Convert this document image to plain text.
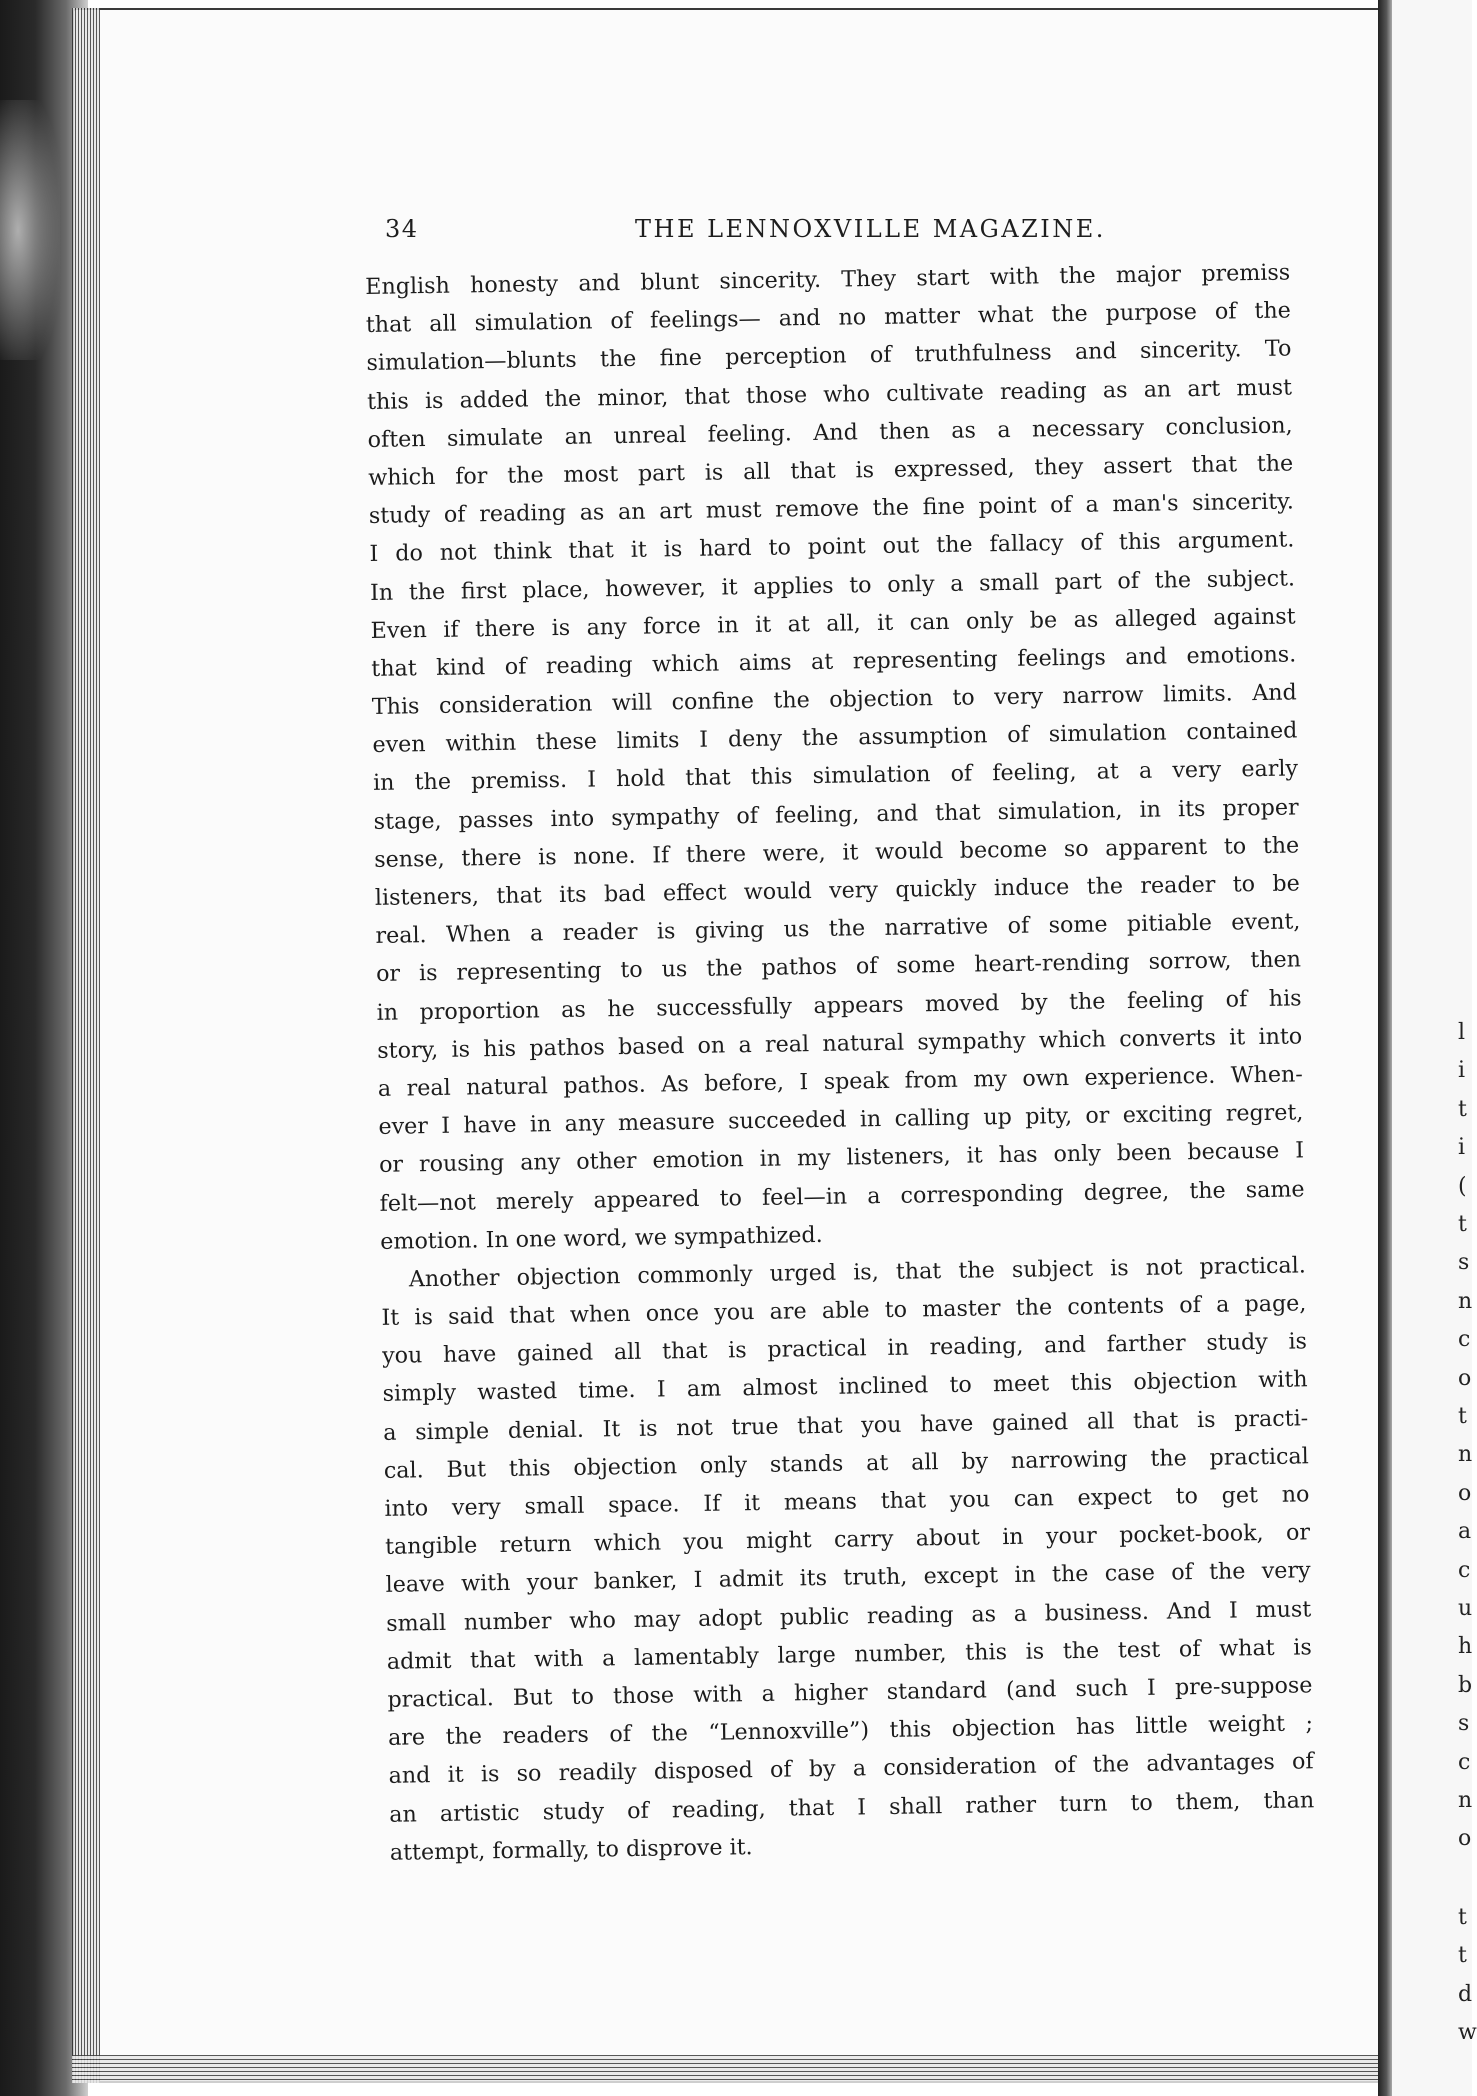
34	THE LENNOXVILLE MAGAZINE.
English honesty and blunt sincerity. They start with the major premiss
that all simulation of feelings— and no matter what the purpose of the
simulation—blunts the fine perception of truthfulness and sincerity. To
this is added the minor, that those who cultivate reading as an art must
often simulate an unreal feeling. And then as a necessary conclusion,
which for the most part is all that is expressed, they assert that the
study of reading as an art must remove the fine point of a man's sincerity.
I do not think that it is hard to point out the fallacy of this argument.
In the first place, however, it applies to only a small part of the subject.
Even if there is any force in it at all, it can only be as alleged against
that kind of reading which aims at representing feelings and emotions.
This consideration will confine the objection to very narrow limits. And
even within these limits I deny the assumption of simulation contained
in the premiss. I hold that this simulation of feeling, at a very early
stage, passes into sympathy of feeling, and that simulation, in its proper
sense, there is none. If there were, it would become so apparent to the
listeners, that its bad effect would very quickly induce the reader to be
real. When a reader is giving us the narrative of some pitiable event,
or is representing to us the pathos of some heart-rending sorrow, then
in proportion as he successfully appears moved by the feeling of his
story, is his pathos based on a real natural sympathy which converts it into
a real natural pathos. As before, I speak from my own experience. When-
ever I have in any measure succeeded in calling up pity, or exciting regret,
or rousing any other emotion in my listeners, it has only been because I
felt—not merely appeared to feel—in a corresponding degree, the same
emotion. In one word, we sympathized.
Another objection commonly urged is, that the subject is not practical.
It is said that when once you are able to master the contents of a page,
you have gained all that is practical in reading, and farther study is
simply wasted time. I am almost inclined to meet this objection with
a simple denial. It is not true that you have gained all that is practi-
cal. But this objection only stands at all by narrowing the practical
into very small space. If it means that you can expect to get no
tangible return which you might carry about in your pocket-book, or
leave with your banker, I admit its truth, except in the case of the very
small number who may adopt public reading as a business. And I must
admit that with a lamentably large number, this is the test of what is
practical. But to those with a higher standard (and such I pre-suppose
are the readers of the “Lennoxville”) this objection has little weight ;
and it is so readily disposed of by a consideration of the advantages of
an artistic study of reading, that I shall rather turn to them, than
attempt, formally, to disprove it.
l
i
t
i
(
t
s
n
c
o
t
n
o
a
c
u
h
b
s
c
n
o
t
t
d
w
